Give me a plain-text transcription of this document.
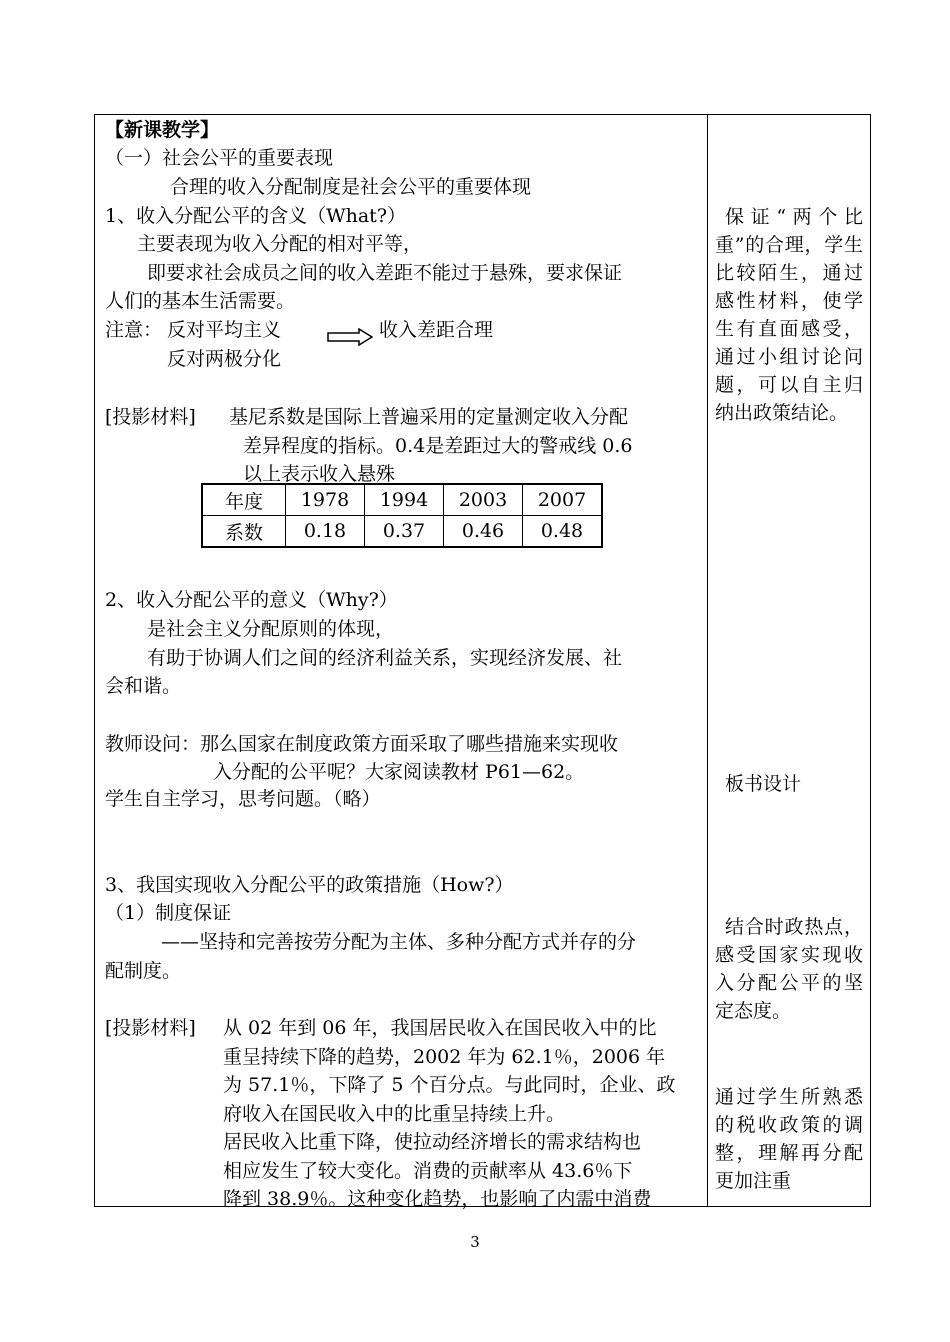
【新课教学】
（一）社会公平的重要表现
合理的收入分配制度是社会公平的重要体现
1、收入分配公平的含义（What?）
主要表现为收入分配的相对平等，
即要求社会成员之间的收入差距不能过于悬殊，要求保证
人们的基本生活需要。
注意： 反对平均主义	收入差距合理
反对两极分化
[投影材料] 基尼系数是国际上普遍采用的定量测定收入分配
差异程度的指标。0.4是差距过大的警戒线 0.6
以上表示收入悬殊
年度	1978	1994	2003	2007
系数	0.18	0.37	0.46	0.48
2、收入分配公平的意义（Why?）
是社会主义分配原则的体现，
有助于协调人们之间的经济利益关系，实现经济发展、社
会和谐。
教师设问：那么国家在制度政策方面采取了哪些措施来实现收
入分配的公平呢？大家阅读教材 P61—62。
学生自主学习，思考问题。（略）
3、我国实现收入分配公平的政策措施（How?）
（1）制度保证
——坚持和完善按劳分配为主体、多种分配方式并存的分
配制度。
[投影材料] 从 02 年到 06 年，我国居民收入在国民收入中的比
重呈持续下降的趋势，2002 年为 62.1％，2006 年
为 57.1％，下降了 5 个百分点。与此同时，企业、政
府收入在国民收入中的比重呈持续上升。
居民收入比重下降，使拉动经济增长的需求结构也
相应发生了较大变化。消费的贡献率从 43.6％下
降到 38.9％。这种变化趋势，也影响了内需中消费
保证“两个比重”的合理，学生比较陌生，通过感性材料，使学生有直面感受，通过小组讨论问题，可以自主归纳出政策结论。
板书设计
结合时政热点，感受国家实现收入分配公平的坚定态度。
通过学生所熟悉的税收政策的调整，理解再分配更加注重
3
